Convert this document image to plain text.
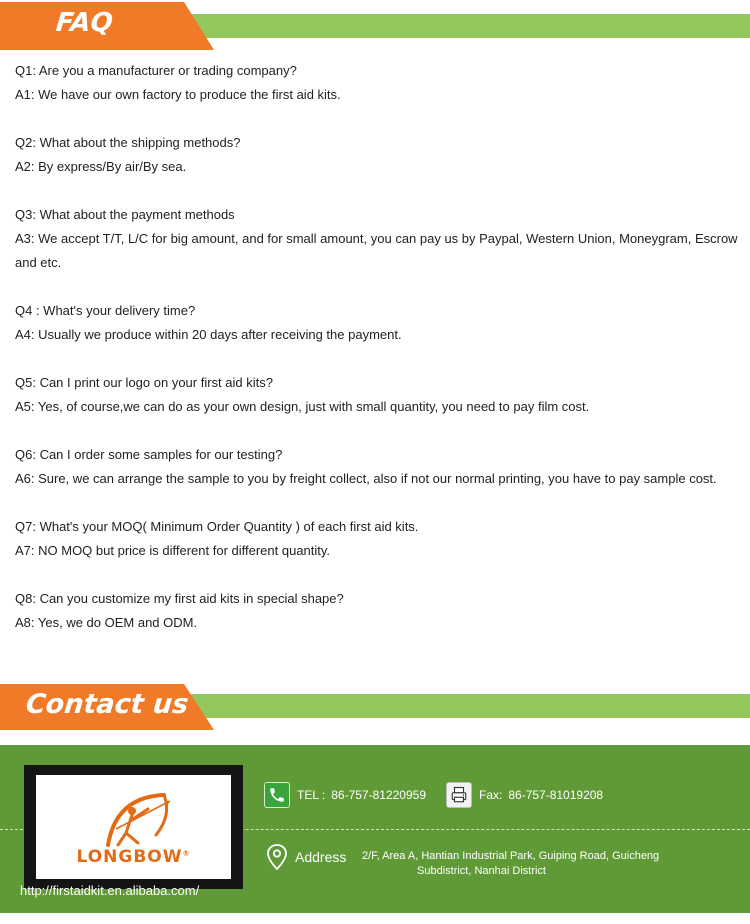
FAQ

Q1: Are you a manufacturer or trading company?

A1: We have our own factory to produce the first aid kits.

Q2: What about the shipping methods?

A2: By express/By air/By sea.

Q3: What about the payment methods

A3: We accept T/T, L/C for big amount, and for small amount, you can pay us by Paypal, Western Union, Moneygram, Escrow and etc.

Q4 : What's your delivery time?

A4: Usually we produce within 20 days after receiving the payment.

Q5: Can I print our logo on your first aid kits?

A5: Yes, of course,we can do as your own design, just with small quantity, you need to pay film cost.

Q6: Can I order some samples for our testing?

A6: Sure, we can arrange the sample to you by freight collect, also if not our normal printing, you have to pay sample cost.

Q7: What's your MOQ( Minimum Order Quantity ) of each first aid kits.

A7: NO MOQ but price is different for different quantity.

Q8: Can you customize my first aid kits in special shape?

A8: Yes, we do OEM and ODM.

Contact us
LONGBOW®
http://firstaidkit.en.alibaba.com/
TEL : 86-757-81220959	Fax: 86-757-81019208
Address 2/F, Area A, Hantian Industrial Park, Guiping Road, Guicheng
Subdistrict, Nanhai District
